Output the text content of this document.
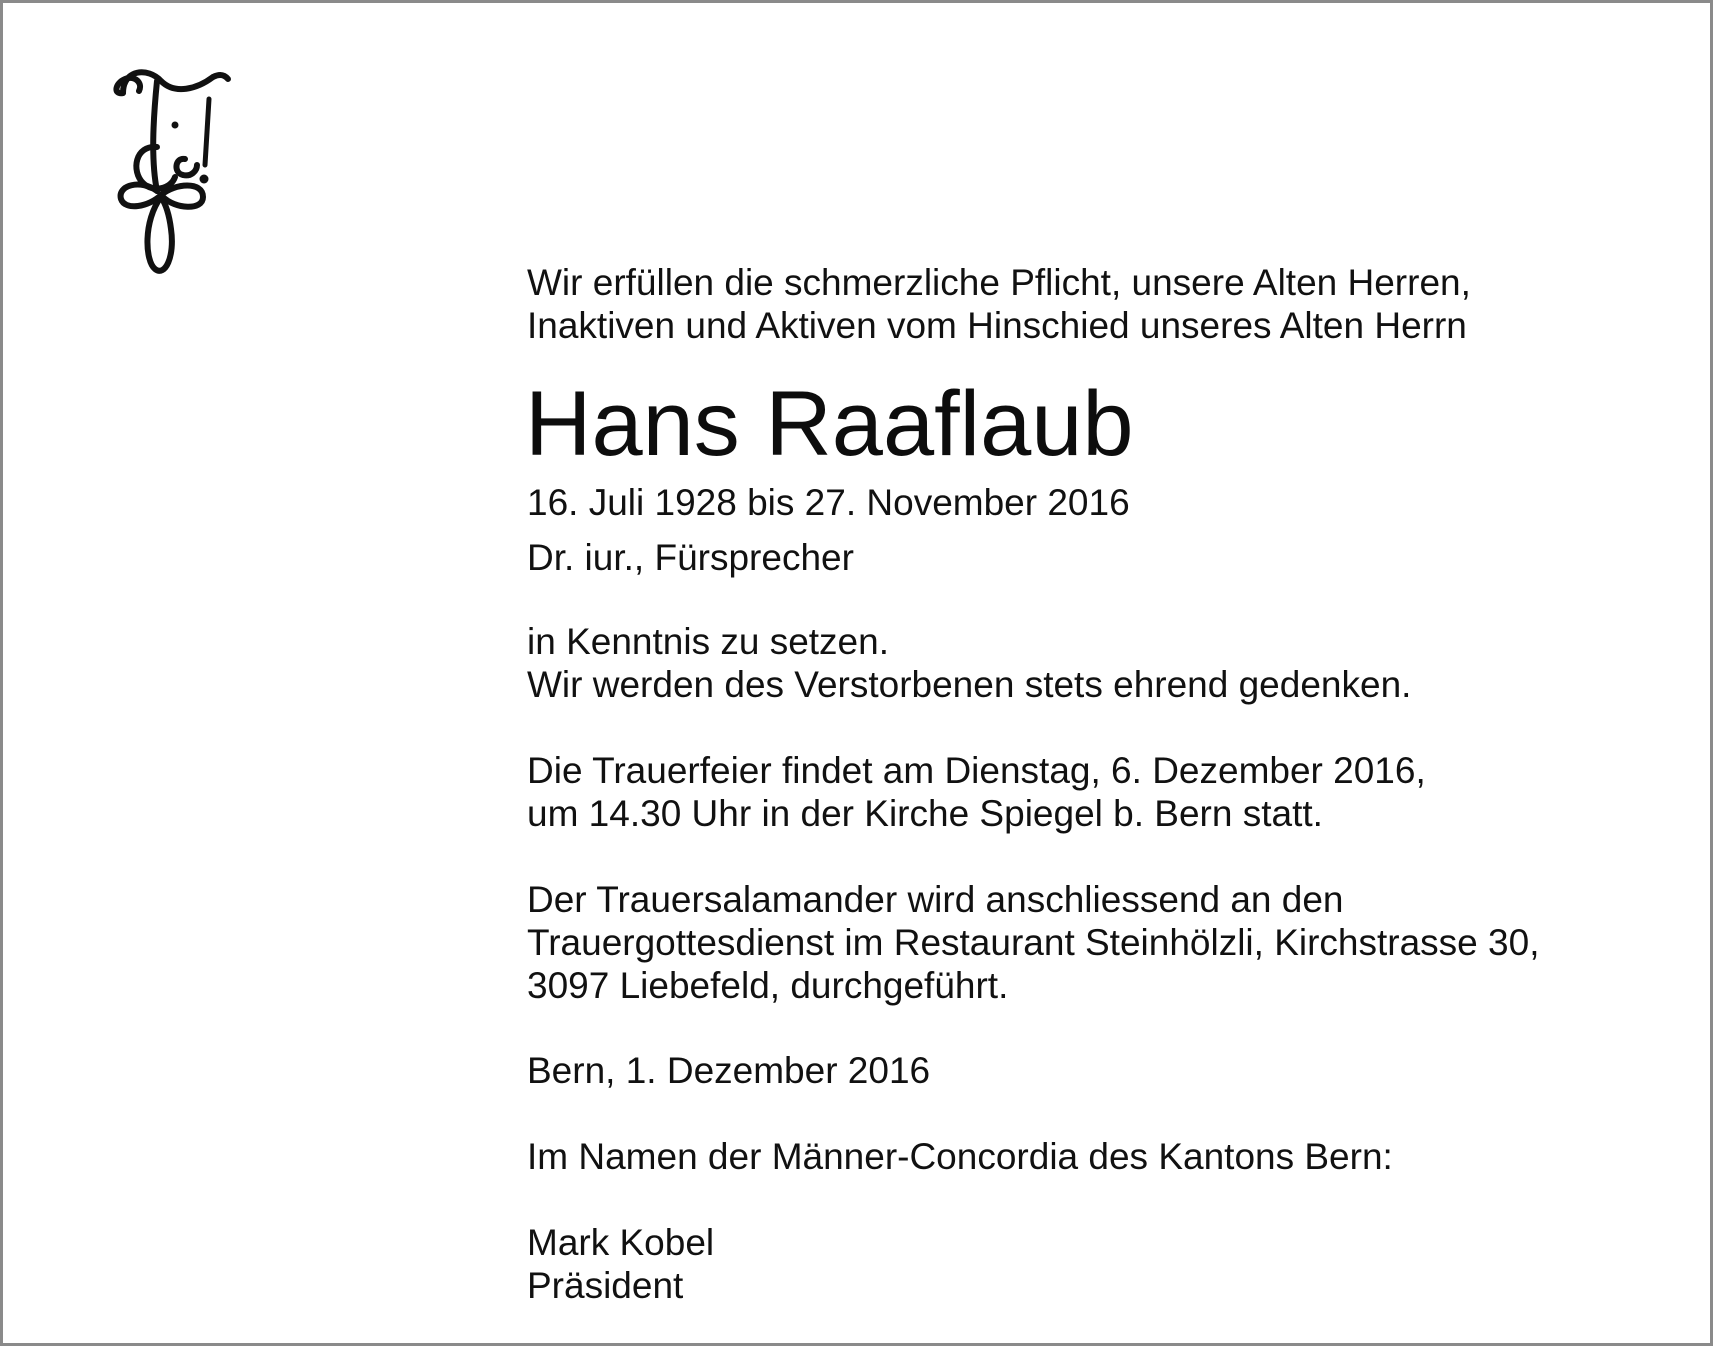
Wir erfüllen die schmerzliche Pflicht, unsere Alten Herren,
Inaktiven und Aktiven vom Hinschied unseres Alten Herrn
Hans Raaflaub
16. Juli 1928 bis 27. November 2016
Dr. iur., Fürsprecher
in Kenntnis zu setzen.
Wir werden des Verstorbenen stets ehrend gedenken.
Die Trauerfeier findet am Dienstag, 6. Dezember 2016,
um 14.30 Uhr in der Kirche Spiegel b. Bern statt.
Der Trauersalamander wird anschliessend an den
Trauergottesdienst im Restaurant Steinhölzli, Kirchstrasse 30,
3097 Liebefeld, durchgeführt.
Bern, 1. Dezember 2016
Im Namen der Männer-Concordia des Kantons Bern:
Mark Kobel
Präsident
